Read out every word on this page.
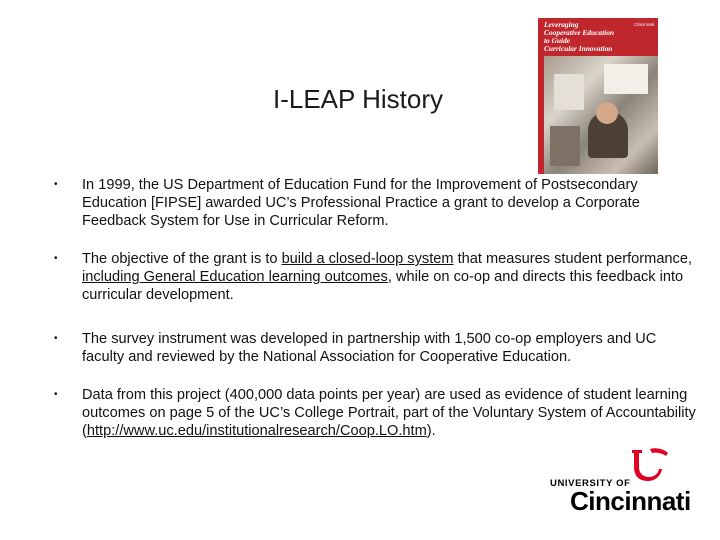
I-LEAP History
Leveraging
Cooperative Education
to Guide
Curricular Innovation
Cincinnati
•	In 1999, the US Department of Education Fund for the Improvement of Postsecondary Education [FIPSE] awarded UC’s Professional Practice a grant to develop a Corporate Feedback System for Use in Curricular Reform.
•	The objective of the grant is to build a closed-loop system that measures student performance, including General Education learning outcomes, while on co-op and directs this feedback into curricular development.
•	The survey instrument was developed in partnership with 1,500 co-op employers and UC faculty and reviewed by the National Association for Cooperative Education.
•	Data from this project (400,000 data points per year) are used as evidence of student learning outcomes on page 5 of the UC’s College Portrait, part of the Voluntary System of Accountability (http://www.uc.edu/institutionalresearch/Coop.LO.htm).
UNIVERSITY OF
Cincinnati
